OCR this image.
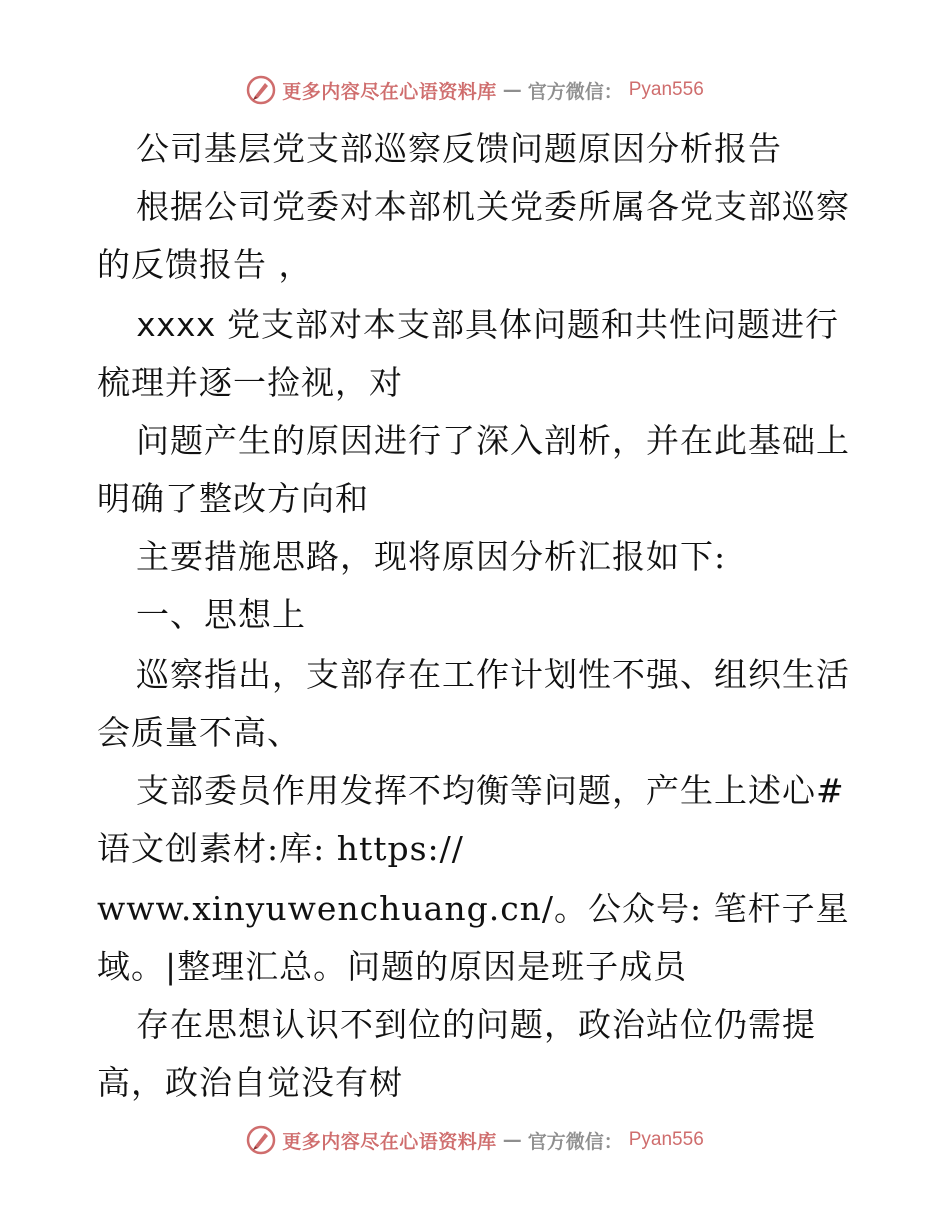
更多内容尽在心语资料库 — 官方微信： Pyan556
公司基层党支部巡察反馈问题原因分析报告
根据公司党委对本部机关党委所属各党支部巡察
的反馈报告 ，
xxxx 党支部对本支部具体问题和共性问题进行
梳理并逐一捡视，对
问题产生的原因进行了深入剖析，并在此基础上
明确了整改方向和
主要措施思路，现将原因分析汇报如下:
一、思想上
巡察指出，支部存在工作计划性不强、组织生活
会质量不高、
支部委员作用发挥不均衡等问题，产生上述心#
语文创素材:库: https://
www.xinyuwenchuang.cn/。公众号: 笔杆子星
域。|整理汇总。问题的原因是班子成员
存在思想认识不到位的问题，政治站位仍需提
高，政治自觉没有树
更多内容尽在心语资料库 — 官方微信： Pyan556
